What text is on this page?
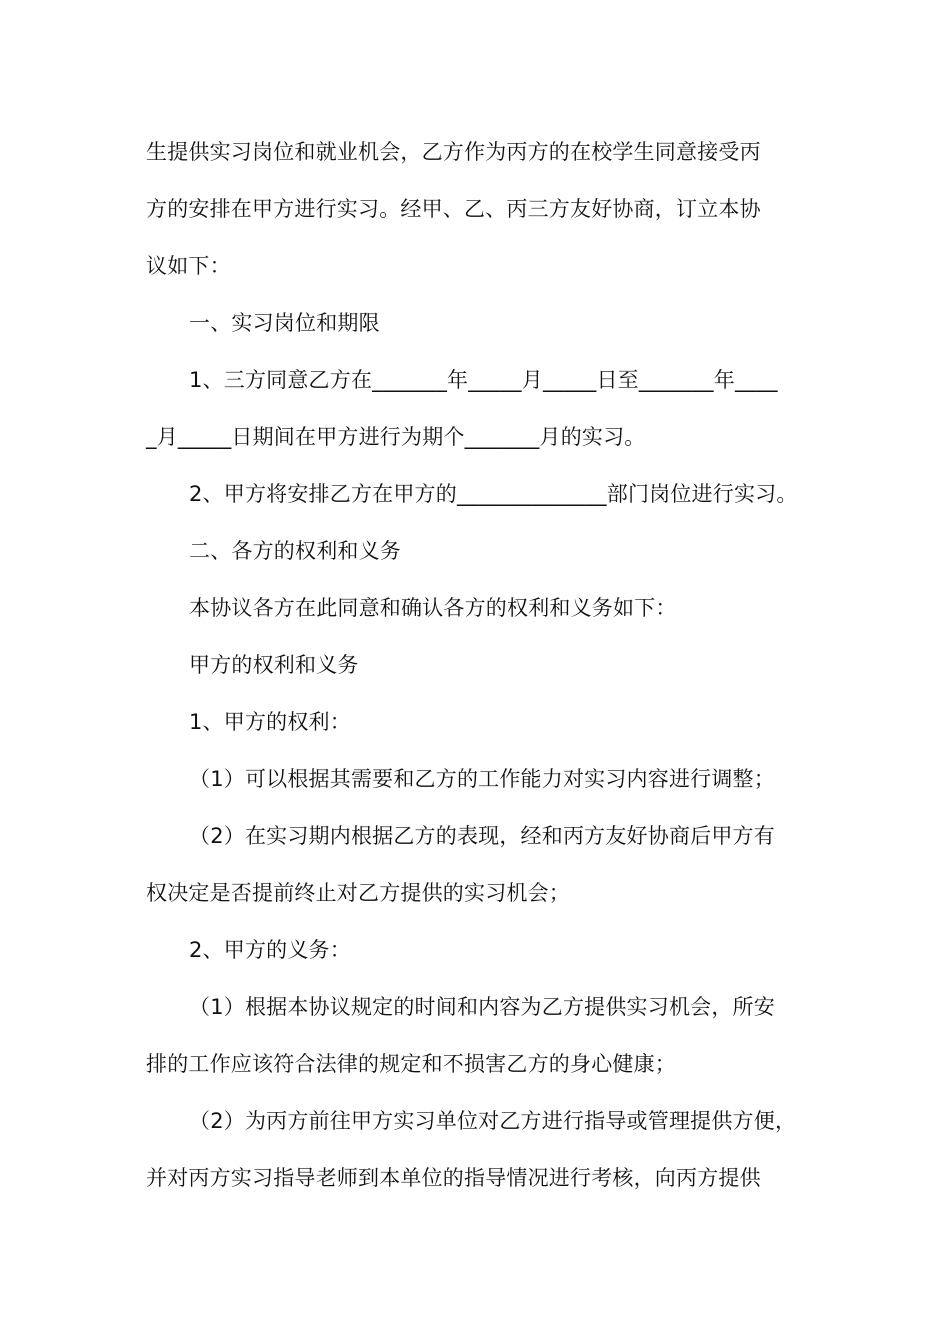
生提供实习岗位和就业机会，乙方作为丙方的在校学生同意接受丙
方的安排在甲方进行实习。经甲、乙、丙三方友好协商，订立本协
议如下：
一、实习岗位和期限
1、三方同意乙方在_______年_____月_____日至_______年____
_月_____日期间在甲方进行为期个_______月的实习。
2、甲方将安排乙方在甲方的______________部门岗位进行实习。
二、各方的权利和义务
本协议各方在此同意和确认各方的权利和义务如下：
甲方的权利和义务
1、甲方的权利：
（1）可以根据其需要和乙方的工作能力对实习内容进行调整；
（2）在实习期内根据乙方的表现，经和丙方友好协商后甲方有
权决定是否提前终止对乙方提供的实习机会；
2、甲方的义务：
（1）根据本协议规定的时间和内容为乙方提供实习机会，所安
排的工作应该符合法律的规定和不损害乙方的身心健康；
（2）为丙方前往甲方实习单位对乙方进行指导或管理提供方便，
并对丙方实习指导老师到本单位的指导情况进行考核，向丙方提供
